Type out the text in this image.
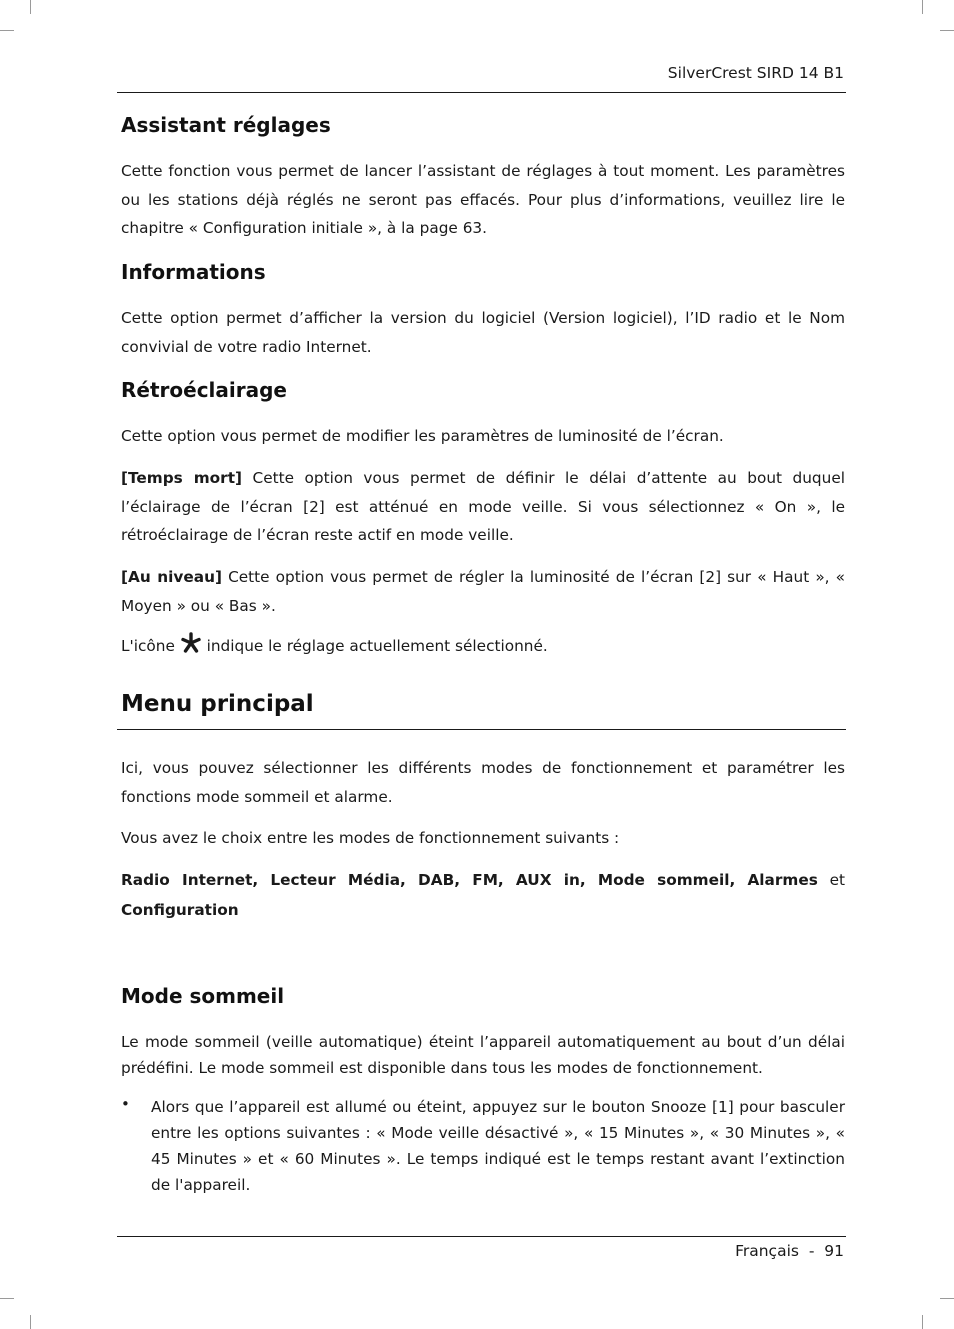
SilverCrest SIRD 14 B1
Assistant réglages

Cette fonction vous permet de lancer l’assistant de réglages à tout moment. Les paramètres ou les stations déjà réglés ne seront pas effacés. Pour plus d’informations, veuillez lire le chapitre « Configuration initiale », à la page 63.

Informations

Cette option permet d’afficher la version du logiciel (Version logiciel), l’ID radio et le Nom convivial de votre radio Internet.

Rétroéclairage

Cette option vous permet de modifier les paramètres de luminosité de l’écran.

[Temps mort] Cette option vous permet de définir le délai d’attente au bout duquel l’éclairage de l’écran [2] est atténué en mode veille. Si vous sélectionnez « On », le rétroéclairage de l’écran reste actif en mode veille.

[Au niveau] Cette option vous permet de régler la luminosité de l’écran [2] sur « Haut », « Moyen » ou « Bas ».

L'icône  indique le réglage actuellement sélectionné.

Menu principal

Ici, vous pouvez sélectionner les différents modes de fonctionnement et paramétrer les fonctions mode sommeil et alarme.

Vous avez le choix entre les modes de fonctionnement suivants :

Radio Internet, Lecteur Média, DAB, FM, AUX in, Mode sommeil, Alarmes et Configuration

Mode sommeil

Le mode sommeil (veille automatique) éteint l’appareil automatiquement au bout d’un délai prédéfini. Le mode sommeil est disponible dans tous les modes de fonctionnement.

• Alors que l’appareil est allumé ou éteint, appuyez sur le bouton Snooze [1] pour basculer entre les options suivantes : « Mode veille désactivé », « 15 Minutes », « 30 Minutes », « 45 Minutes » et « 60 Minutes ». Le temps indiqué est le temps restant avant l’extinction de l'appareil.

Français  -  91
